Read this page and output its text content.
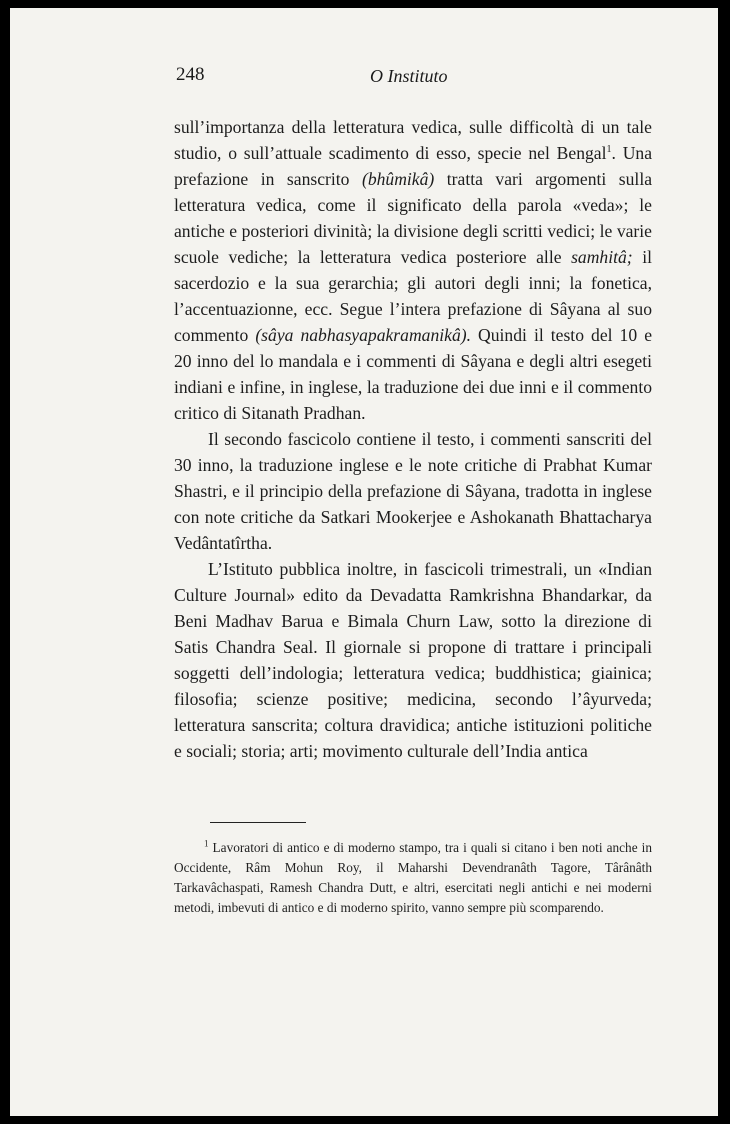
248	O Instituto

sull’importanza della letteratura vedica, sulle difficoltà di un tale studio, o sull’attuale scadimento di esso, specie nel Bengal$^1$. Una prefazione in sanscrito (bhûmikâ) tratta vari argomenti sulla letteratura vedica, come il significato della parola «veda»; le antiche e posteriori divinità; la divisione degli scritti vedici; le varie scuole vediche; la letteratura vedica posteriore alle samhitâ; il sacerdozio e la sua gerarchia; gli autori degli inni; la fonetica, l’accentuazionne, ecc. Segue l’intera prefazione di Sâyana al suo commento (sâya nabhasyapakramanikâ). Quindi il testo del 10 e 20 inno del lo mandala e i commenti di Sâyana e degli altri esegeti indiani e infine, in inglese, la traduzione dei due inni e il commento critico di Sitanath Pradhan.

Il secondo fascicolo contiene il testo, i commenti sanscriti del 30 inno, la traduzione inglese e le note critiche di Prabhat Kumar Shastri, e il principio della prefazione di Sâyana, tradotta in inglese con note critiche da Satkari Mookerjee e Ashokanath Bhattacharya Vedântatîrtha.

L’Istituto pubblica inoltre, in fascicoli trimestrali, un «Indian Culture Journal» edito da Devadatta Ramkrishna Bhandarkar, da Beni Madhav Barua e Bimala Churn Law, sotto la direzione di Satis Chandra Seal. Il giornale si propone di trattare i principali soggetti dell’indologia; letteratura vedica; buddhistica; giainica; filosofia; scienze positive; medicina, secondo l’âyurveda; letteratura sanscrita; coltura dravidica; antiche istituzioni politiche e sociali; storia; arti; movimento culturale dell’India antica

$^1$ Lavoratori di antico e di moderno stampo, tra i quali si citano i ben noti anche in Occidente, Râm Mohun Roy, il Maharshi Devendranâth Tagore, Târânâth Tarkavâchaspati, Ramesh Chandra Dutt, e altri, esercitati negli antichi e nei moderni metodi, imbevuti di antico e di moderno spirito, vanno sempre più scomparendo.
